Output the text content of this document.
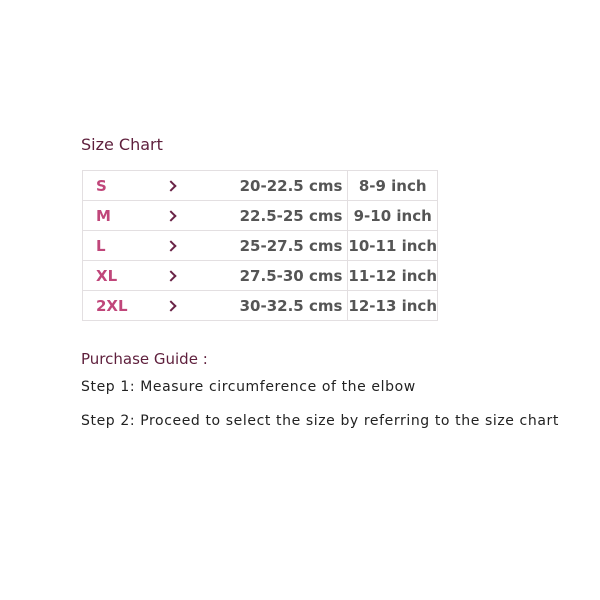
Size Chart
S		20-22.5 cms	8-9 inch
M		22.5-25 cms	9-10 inch
L		25-27.5 cms	10-11 inch
XL		27.5-30 cms	11-12 inch
2XL		30-32.5 cms	12-13 inch
Purchase Guide :
Step 1: Measure circumference of the elbow
Step 2: Proceed to select the size by referring to the size chart
